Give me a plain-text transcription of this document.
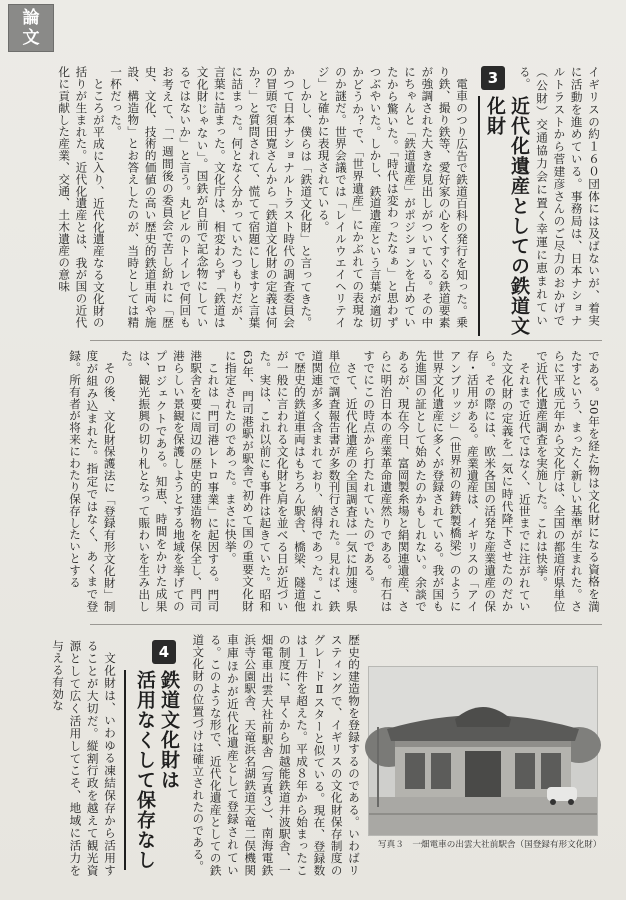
論
文

イギリスの約１６０団体には及ばないが、着実に活動を進めている。事務局は、日本ナショナルトラストから菅建彦さんのご尽力のおかげで（公財）交通協力会に置く幸運に恵まれている。

3
近代化遺産としての鉄道文化財

電車のつり広告で鉄道百科の発行を知った。乗り鉄、撮り鉄等、愛好家の心をくすぐる鉄道要素が強調された大きな見出しがついている。その中にちゃんと「鉄道遺産」がポジションを占めていたから驚いた。「時代は変わったなぁ」と思わずつぶやいた。しかし、鉄道遺産という言葉が適切かどうか？で、「世界遺産」にかぶれての表現なのか謎だ。世界会議では「レイルウエイヘリテイジ」と確かに表現されている。

しかし、僕らは「鉄道文化財」と言ってきた。かつて日本ナショナルトラスト時代の調査委員会の冒頭で須田寛さんから「鉄道文化財の定義は何か？」と質問されて、慌てて宿題にしますと言葉に詰まった。何となく分かっていたつもりだが、言葉に詰まった。文化庁は、相変わらず「鉄道は文化財じゃない」。国鉄が自前で記念物にしているではないか」と言う。丸ビルのトイレで何回もお考えて、「一週間後の委員会で苦し紛れに「歴史、文化、技術的価値の高い歴史的鉄道車両や施設、構造物」とお答えしたのが、当時としては精一杯だった。

ところが平成に入り、近代化遺産なる文化財の括りが生まれた。近代化遺産とは、我が国の近代化に貢献した産業、交通、土木遺産の意味

である。50年を経た物は文化財になる資格を満たすという、まったく新しい基準が生まれた。さらに平成元年から文化庁は、全国の都道府県単位で近代化遺産調査を実施した。これは快挙。

それまで近代ではなく、近世までに注がれていた文化財の定義を一気に時代降下させたのだから。その際には、欧米各国の活発な産業遺産の保存・活用がある。産業遺産は、イギリスの「アイアンブリッジ」（世界初の鋳鉄製橋梁）のように世界文化遺産に多くが登録されている。我が国も先進国の証として始めたのかもしれない。余談であるが、現在今日、富岡製糸場と絹関連遺産、さらに明治日本の産業革命遺産然りである。布石はすでにこの時点から打たれていたのである。

さて、近代化遺産の全国調査は一気に加速。県単位で調査報告書が多数刊行された。見れば、鉄道関連が多く含まれており、納得であった。これで歴史的鉄道車両はもちろん駅舎、橋梁、隧道他が一般に言われる文化財と肩を並べる日が近づいた。実は、これ以前にも事件は起きていた。昭和63年、門司港駅が駅舎で初めて国の重要文化財に指定されたのであった。まさに快挙。

これは「門司港レトロ事業」に起因する。門司港駅舎を要に周辺の歴史的建造物を保全し、門司港らしい景観を保護しようとする地域を挙げてのプロジェクトである。知恵、時間をかけた成果は、観光振興の切り札となって賑わいを生み出した。

その後、文化財保護法に「登録有形文化財」制度が組み込まれた。指定ではなく、あくまで登録。所有者が将来にわたり保存したいとする

写真３　一畑電車の出雲大社前駅舎（国登録有形文化財）

歴史的建造物を登録するのである。いわばリスティングで、イギリスの文化財保存制度のグレードⅡスターと似ている。現在、登録数は１万件を超えた。平成８年から始まったこの制度に、早くから加越能鉄道井波駅舎、一畑電車出雲大社前駅舎（写真３）、南海電鉄浜寺公園駅舎、天竜浜名湖鉄道天竜二俣機関車庫ほかが近代化遺産として登録されている。このような形で、近代化遺産としての鉄道文化財の位置づけは確立されたのである。

4
鉄道文化財は
活用なくして保存なし

文化財は、いわゆる凍結保存から活用することが大切だ。縦割行政を越えて観光資源として広く活用してこそ、地域に活力を与える有効な
